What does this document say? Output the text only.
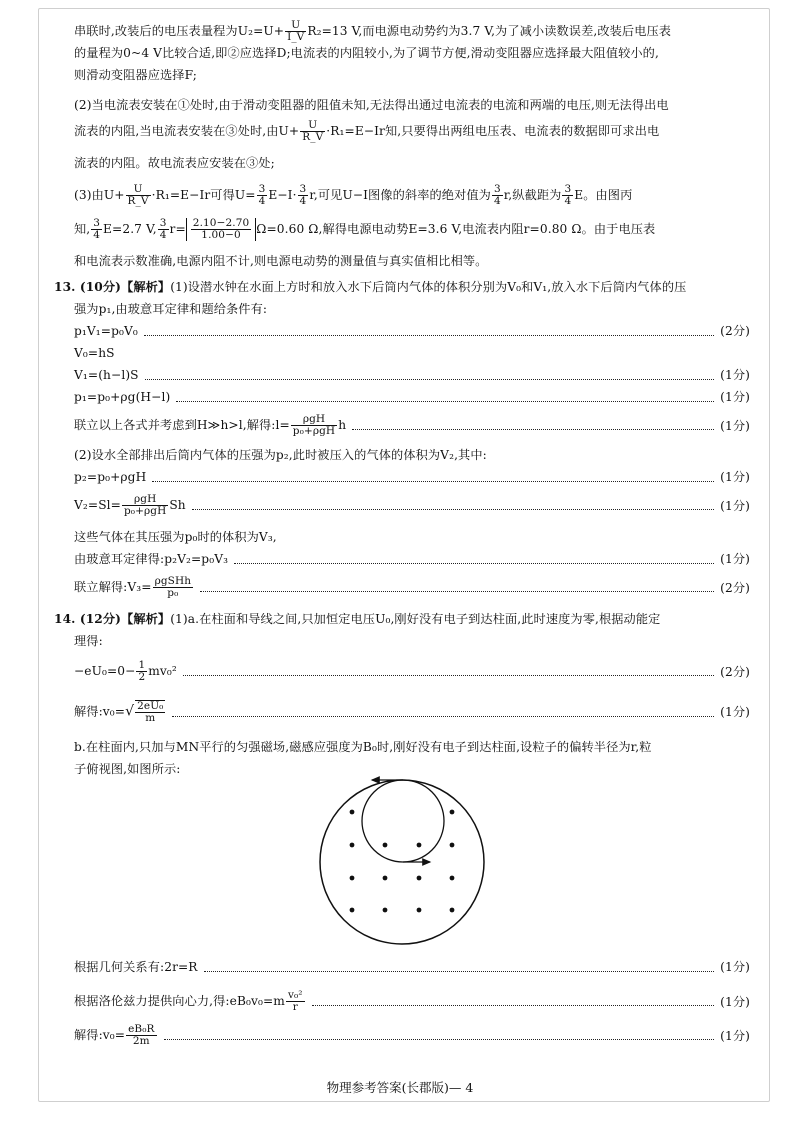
串联时,改装后的电压表量程为$U_2=U+ \frac{U}{I\_V} R_2=13$ V,而电源电动势约为3.7 V,为了减小读数误差,改装后电压表
的量程为0~4 V比较合适,即②应选择D;电流表的内阻较小,为了调节方便,滑动变阻器应选择最大阻值较小的,
则滑动变阻器应选择F;
(2)当电流表安装在①处时,由于滑动变阻器的阻值未知,无法得出通过电流表的电流和两端的电压,则无法得出电
流表的内阻,当电流表安装在③处时,由$U+ \frac{U}{R\_V} \cdot R_1=E-Ir$知,只要得出两组电压表、电流表的数据即可求出电
流表的内阻。故电流表应安装在③处;
(3)由$U+ \frac{U}{R\_V} \cdot R_1=E-Ir$可得$U= \frac{3}{4} E-I\cdot \frac{3}{4} r$,可见U−I图像的斜率的绝对值为 $\frac{3}{4} r$,纵截距为 $\frac{3}{4}$ E。由图丙
知, $\frac{3}{4} E=2.7$ V, $\frac{3}{4} r= \frac{2.10-2.70}{1.00-0} \Omega=0.60$ Ω,解得电源电动势E=3.6 V,电流表内阻r=0.80 Ω。由于电压表
和电流表示数准确,电源内阻不计,则电源电动势的测量值与真实值相比相等。
13. (10分)【解析】(1)设潜水钟在水面上方时和放入水下后筒内气体的体积分别为V₀和V₁,放入水下后筒内气体的压
强为p₁,由玻意耳定律和题给条件有:
p₁V₁=p₀V₀	(2分)
V₀=hS
V₁=(h−l)S	(1分)
p₁=p₀+ρg(H−l)	(1分)
联立以上各式并考虑到H≫h>l,解得:l= $\frac{\text{ρgH}}{\text{p₀+ρgH}}$ h	(1分)
(2)设水全部排出后筒内气体的压强为p₂,此时被压入的气体的体积为V₂,其中:
p₂=p₀+ρgH	(1分)
$V_2=Sl= \frac{\text{ρgH}}{\text{p₀+ρgH}}$ Sh	(1分)
这些气体在其压强为p₀时的体积为V₃,
由玻意耳定律得:p₂V₂=p₀V₃	(1分)
联立解得:V₃= $\frac{\text{ρgSHh}}{\text{p₀}}$	(2分)
14. (12分)【解析】(1)a.在柱面和导线之间,只加恒定电压U₀,刚好没有电子到达柱面,此时速度为零,根据动能定
理得:
$-eU_0=0- \frac{1}{2} mv_0^2$	(2分)
解得:v₀=√ $\frac{\text{2eU₀}}{m}$	(1分)
b.在柱面内,只加与MN平行的匀强磁场,磁感应强度为B₀时,刚好没有电子到达柱面,设粒子的偏转半径为r,粒
子俯视图,如图所示:
根据几何关系有:2r=R	(1分)
根据洛伦兹力提供向心力,得:eB₀v₀=m $\frac{\text{v₀²}}{r}$	(1分)
解得:v₀= $\frac{\text{eB₀R}}{2m}$	(1分)
物理参考答案(长郡版)— 4
